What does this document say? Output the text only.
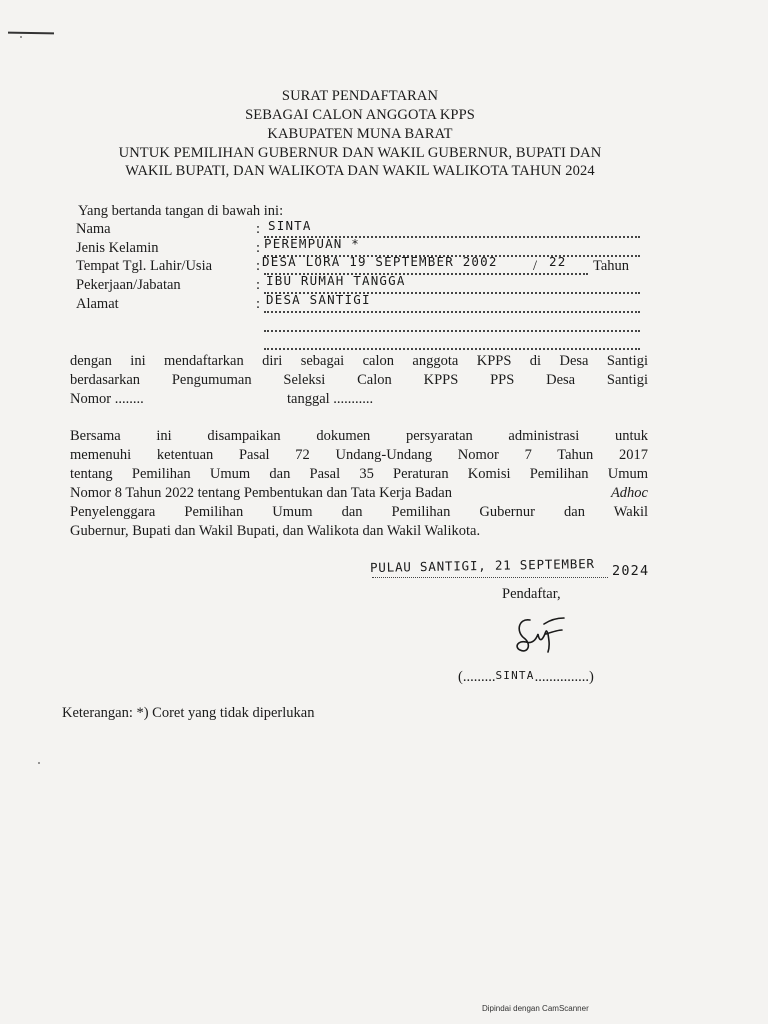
SURAT PENDAFTARAN
SEBAGAI CALON ANGGOTA KPPS
KABUPATEN MUNA BARAT
UNTUK PEMILIHAN GUBERNUR DAN WAKIL GUBERNUR, BUPATI DAN
WAKIL BUPATI, DAN WALIKOTA DAN WAKIL WALIKOTA TAHUN 2024
Yang bertanda tangan di bawah ini:
Nama	: SINTA
Jenis Kelamin	: PEREMPUAN *
Tempat Tgl. Lahir/Usia	: DESA LORA 19 SEPTEMBER 2002 / 22 Tahun
Pekerjaan/Jabatan	: IBU RUMAH TANGGA
Alamat	: DESA SANTIGI
dengan ini mendaftarkan diri sebagai calon anggota KPPS di Desa Santigi
berdasarkan Pengumuman Seleksi Calon KPPS PPS Desa Santigi
Nomor ........	tanggal ...........
Bersama ini disampaikan dokumen persyaratan administrasi untuk
memenuhi ketentuan Pasal 72 Undang-Undang Nomor 7 Tahun 2017
tentang Pemilihan Umum dan Pasal 35 Peraturan Komisi Pemilihan Umum
Nomor 8 Tahun 2022 tentang Pembentukan dan Tata Kerja Badan	Adhoc
Penyelenggara Pemilihan Umum dan Pemilihan Gubernur dan Wakil
Gubernur, Bupati dan Wakil Bupati, dan Walikota dan Wakil Walikota.
PULAU SANTIGI, 21 SEPTEMBER 2024
Pendaftar,
(.........SINTA...............)
Keterangan: *) Coret yang tidak diperlukan
Dipindai dengan CamScanner
